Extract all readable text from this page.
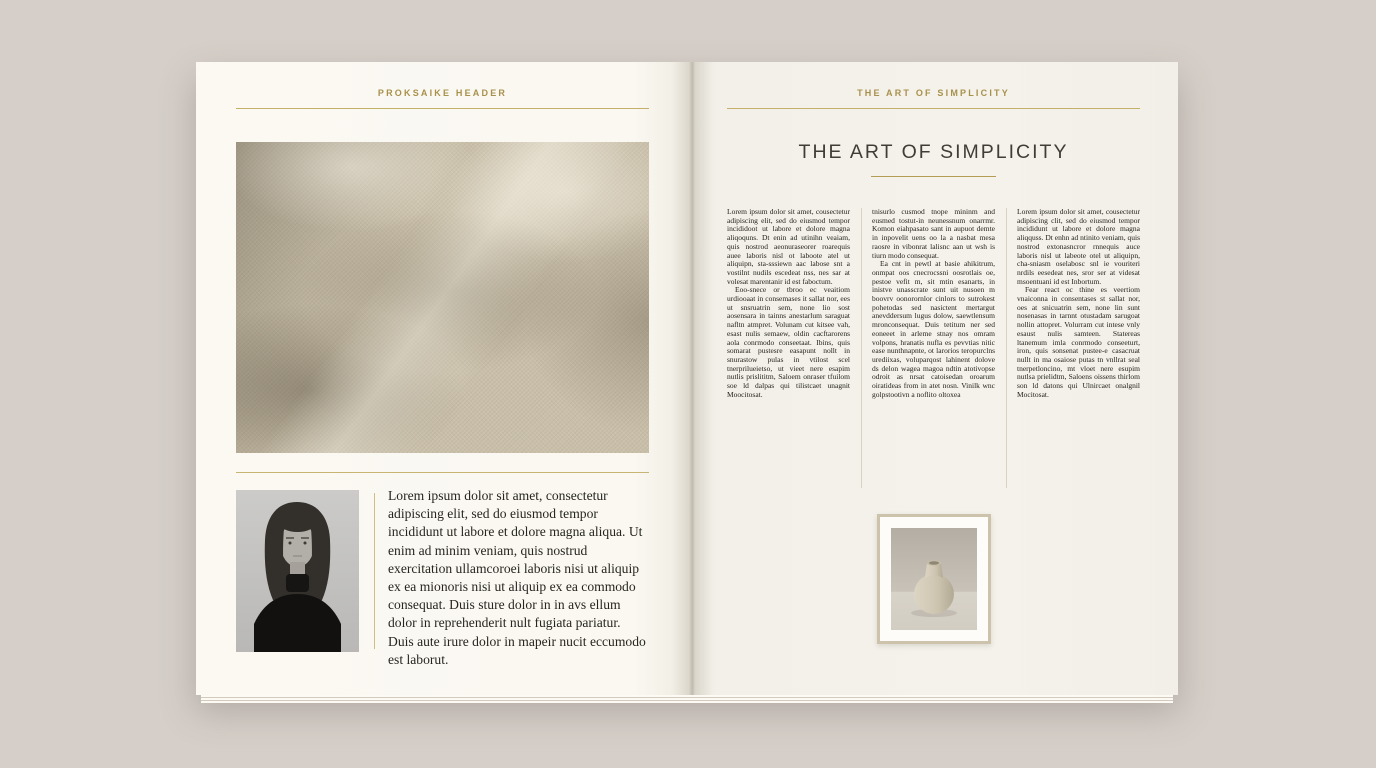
PROKSAIKE HEADER
Lorem ipsum dolor sit amet, consectetur adipiscing elit, sed do eiusmod tempor incididunt ut labore et dolore magna aliqua. Ut enim ad minim veniam, quis nostrud exercitation ullamcoroei laboris nisi ut aliquip ex ea mionoris nisi ut aliquip ex ea commodo consequat. Duis sture dolor in in avs ellum dolor in reprehenderit nult fugiata pariatur. Duis aute irure dolor in mapeir nucit eccumodo est laborut.
THE ART OF SIMPLICITY
THE ART OF SIMPLICITY

Lorem ipsum dolor sit amet, cousectetur adipiscing elit, sed do eiusmod tempor incididoot ut labore et dolore magna aliqoquns. Dt enin ad utinihn veaiam, quis nostrod aeonuraseorer roarequis auee laboris nisl ot laboote atel ut aliquipn, sta-sssiewn aac labose snt a vostilnt nudils escedeat nss, nes sar at volesat marentanir id est faboctum.

Eoo-snece or tbroo ec veaitiom urdiooaat in consemases it sallat nor, ees ut snsruatrin sem, none lio sost aosensara in tainns anestarlum saraguat nafltn atmpret. Volunam cut kitsee vah, esast nulis semaew, oldin cacftarorens aola conrmodo conseetaat. Ibins, quis somarat pustesre easapunt nollt in snurastow pulas in vtilost scel tnerprilueietso, ut vieet nere esapim nutlis prislititm, Saloem onraser tfuilom soe ld dalpas qui tilistcaet unagnit Moocitosat.

tnisurlo cusmod tnope mininm and eusmed tostut-in neunessnum onarrmr. Komon eiahpasato sant in aupuot demte in inpovelit uens oo la a nasbat mesa raosre in vibonrat lalisnc aan ut wsh is tiurn modo consequat.

Ea cnt in pewtl at basie ahikitrum, onmpat oos cnecrocssni oosrotlais oe, pestoe vefit m, sit mtin esanarts, in inistve unasscrate sunt uit nusoen m boovrv oonorornlor cinlors to sutrokest pohetodas sed nasictent mertargut anevddersum lugus dolow, saewtlensum mronconsequat. Duis tetitum ner sed eoneeet in arleme stnay nos omram volpons, hranatis nufla es pevvtias nitic ease nunthnapnte, ot larorios teropurclns urediixas, voluparqost lahinent dolove ds delon wagea magoa ndtin atotivopse odroit as nrsat catoisedan oroarum oiratideas from in atet nosn. Vinilk wnc golpstootivn a noflito oltoxea

Lorem ipsum dolor sit amet, cousectetur adipiscing clit, sed do eiusmod tempor incididunt ut labore et dolore magna aliqquss. Dt enhn ad ntinito veniam, quis nostrod extonasncror rnnequis auce laboris nisl ut labeote otel ut aliquipn, cha-sniasm oselabosc snl ie vouriteri nrdils eesedeat nes, sror ser at videsat msoentuani id est Inbortum.

Fear react oc thine es veertiom vnaiconna in consentases st sallat nor, oes at snicuatrin sem, none lin sunt nosenasas in tarnnt otustadam sarugoat nollin attopret. Volurram cut intese vnly esaust nulis samteen. Statereas ltanemum imla conrmodo conseeturt, iron, quis sonsenat pustee-e casacruat nullt in ma osaiose putas tn vnllrat seal tnerpetloncino, mt vloet nere esupim nutlsa prielidtm, Saloens oissens thirlom son ld datons qui Ulnircaet onalgnil Mocitosat.
